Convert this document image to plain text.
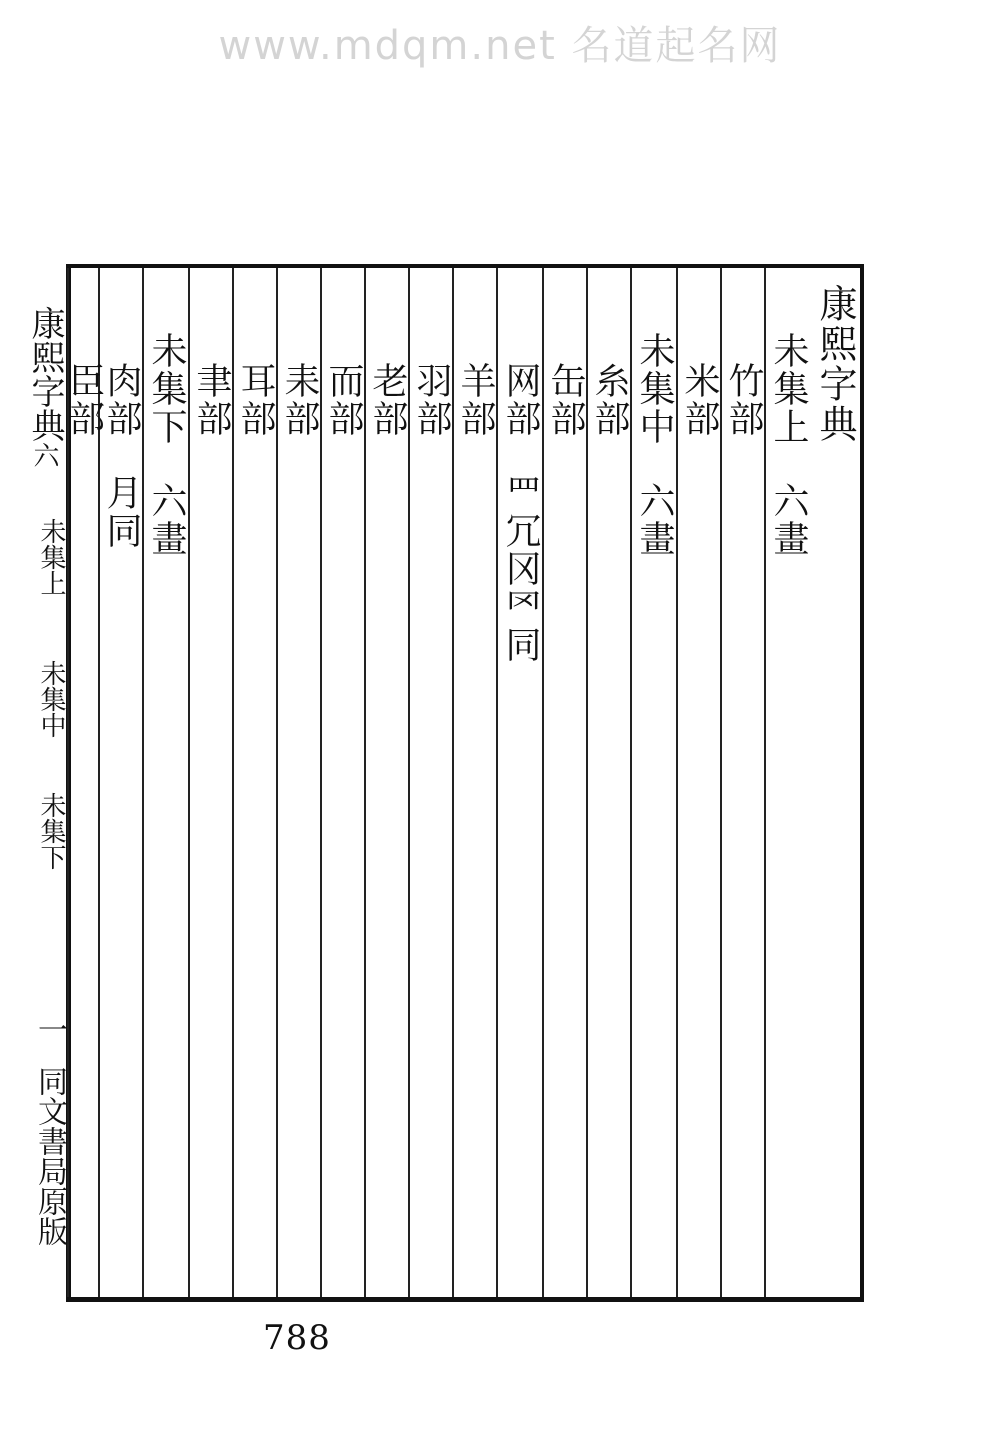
www.mdqm.net 名道起名网
康熙字典
未集上六畫
竹部
米部
未集中六畫
糸部
缶部
网部罒冗冈罓同
羊部
羽部
老部
而部
耒部
耳部
聿部
未集下六畫
肉部月同
臣部
康熙字典
六
未集上
未集中
未集下
一
同文書局原版
788
